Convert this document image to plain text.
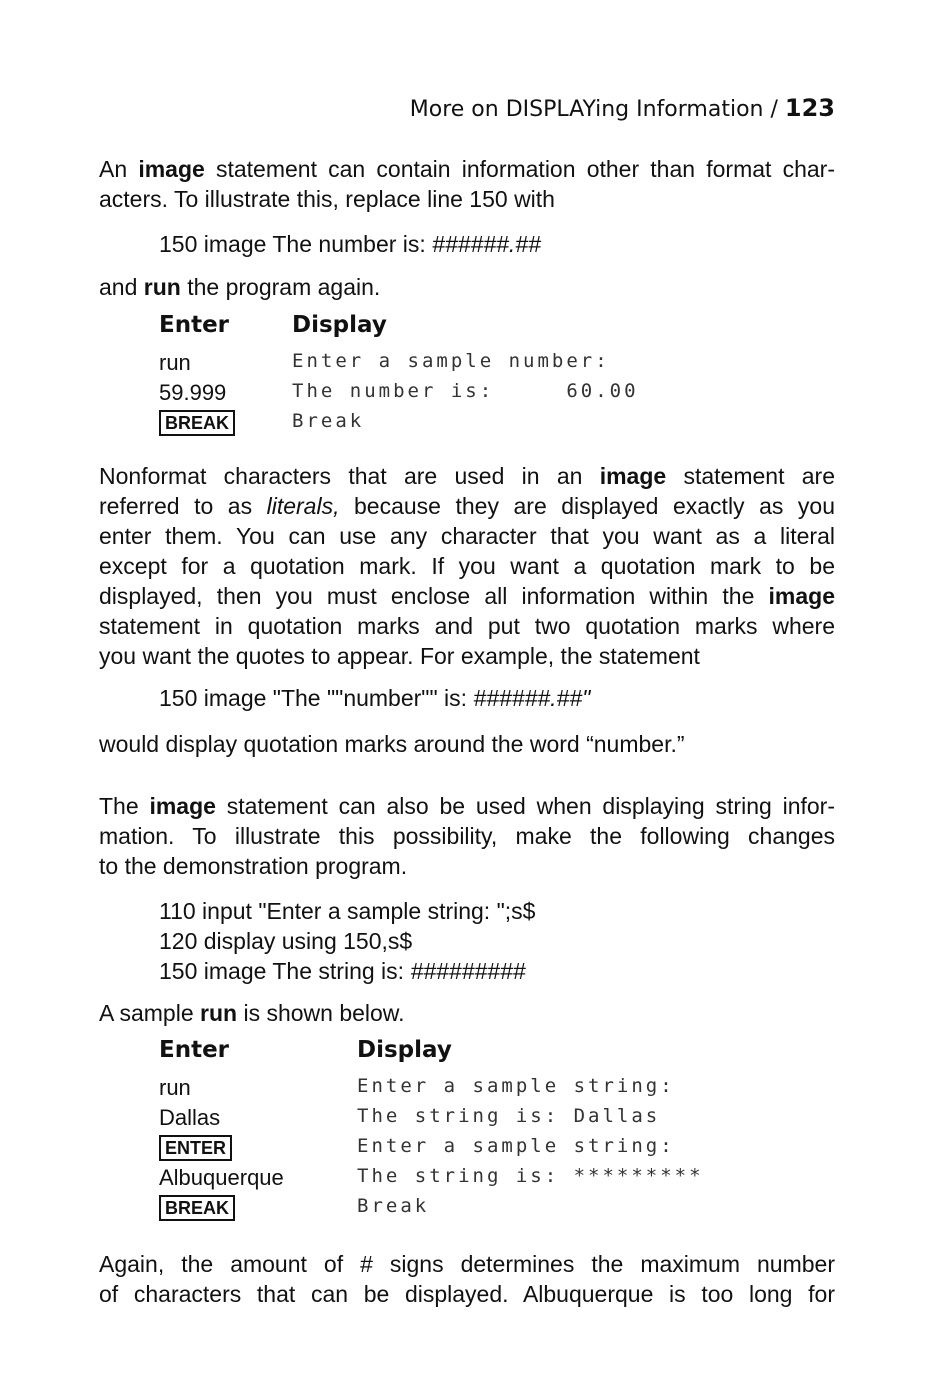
More on DISPLAYing Information / 123
An image statement can contain information other than format char-
acters. To illustrate this, replace line 150 with
150 image The number is: ######.##
and run the program again.
Enter	Display
run	Enter a sample number:
59.999	The number is:     60.00
BREAK	Break
Nonformat characters that are used in an image statement are
referred to as literals, because they are displayed exactly as you
enter them. You can use any character that you want as a literal
except for a quotation mark. If you want a quotation mark to be
displayed, then you must enclose all information within the image
statement in quotation marks and put two quotation marks where
you want the quotes to appear. For example, the statement
150 image "The ""number"" is: ######.##"
would display quotation marks around the word “number.”
The image statement can also be used when displaying string infor-
mation. To illustrate this possibility, make the following changes
to the demonstration program.
110 input "Enter a sample string: ";s$
120 display using 150,s$
150 image The string is: #########
A sample run is shown below.
Enter	Display
run	Enter a sample string:
Dallas	The string is: Dallas
ENTER	Enter a sample string:
Albuquerque	The string is: *********
BREAK	Break
Again, the amount of # signs determines the maximum number
of characters that can be displayed. Albuquerque is too long for
